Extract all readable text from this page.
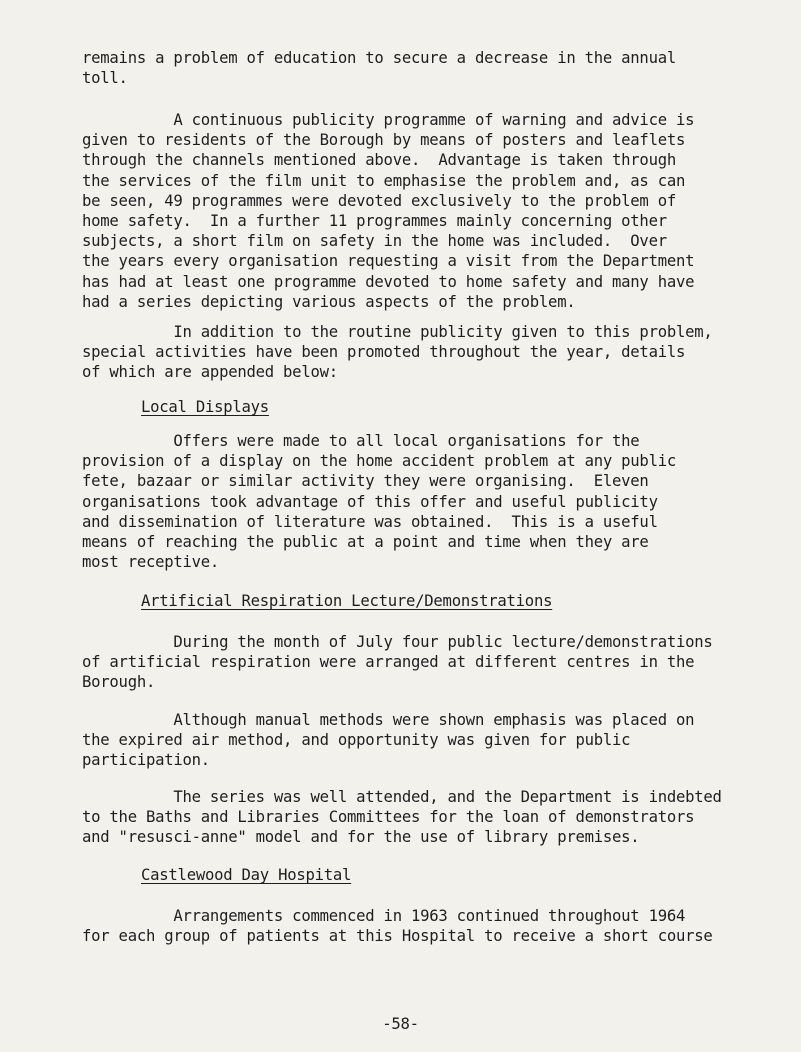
remains a problem of education to secure a decrease in the annual
toll.
A continuous publicity programme of warning and advice is
given to residents of the Borough by means of posters and leaflets
through the channels mentioned above.  Advantage is taken through
the services of the film unit to emphasise the problem and, as can
be seen, 49 programmes were devoted exclusively to the problem of
home safety.  In a further 11 programmes mainly concerning other
subjects, a short film on safety in the home was included.  Over
the years every organisation requesting a visit from the Department
has had at least one programme devoted to home safety and many have
had a series depicting various aspects of the problem.
In addition to the routine publicity given to this problem,
special activities have been promoted throughout the year, details
of which are appended below:
Local Displays
Offers were made to all local organisations for the
provision of a display on the home accident problem at any public
fete, bazaar or similar activity they were organising.  Eleven
organisations took advantage of this offer and useful publicity
and dissemination of literature was obtained.  This is a useful
means of reaching the public at a point and time when they are
most receptive.
Artificial Respiration Lecture/Demonstrations
During the month of July four public lecture/demonstrations
of artificial respiration were arranged at different centres in the
Borough.
Although manual methods were shown emphasis was placed on
the expired air method, and opportunity was given for public
participation.
The series was well attended, and the Department is indebted
to the Baths and Libraries Committees for the loan of demonstrators
and "resusci-anne" model and for the use of library premises.
Castlewood Day Hospital
Arrangements commenced in 1963 continued throughout 1964
for each group of patients at this Hospital to receive a short course
-58-
